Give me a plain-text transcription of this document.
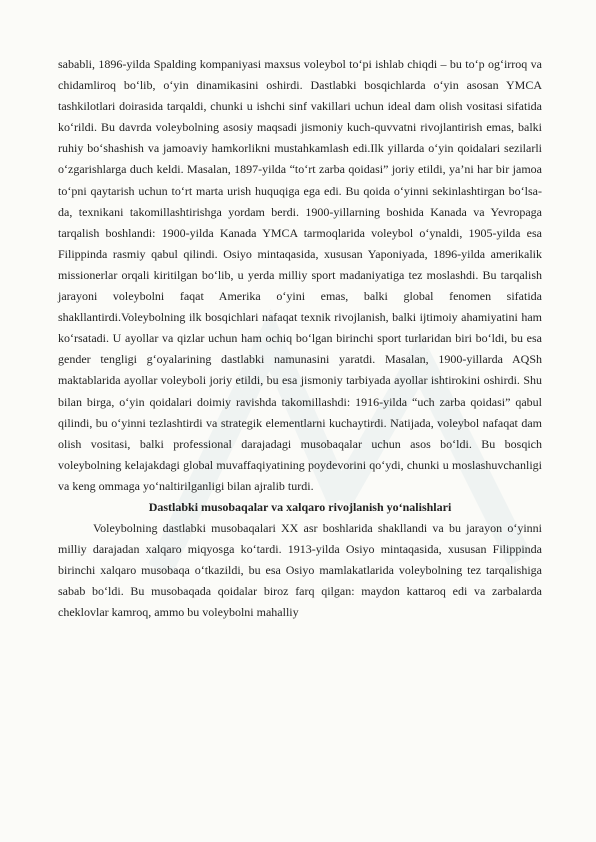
sababli, 1896-yilda Spalding kompaniyasi maxsus voleybol to‘pi ishlab chiqdi – bu to‘p og‘irroq va chidamliroq bo‘lib, o‘yin dinamikasini oshirdi. Dastlabki bosqichlarda o‘yin asosan YMCA tashkilotlari doirasida tarqaldi, chunki u ishchi sinf vakillari uchun ideal dam olish vositasi sifatida ko‘rildi. Bu davrda voleybolning asosiy maqsadi jismoniy kuch-quvvatni rivojlantirish emas, balki ruhiy bo‘shashish va jamoaviy hamkorlikni mustahkamlash edi.Ilk yillarda o‘yin qoidalari sezilarli o‘zgarishlarga duch keldi. Masalan, 1897-yilda “to‘rt zarba qoidasi” joriy etildi, ya’ni har bir jamoa to‘pni qaytarish uchun to‘rt marta urish huquqiga ega edi. Bu qoida o‘yinni sekinlashtirgan bo‘lsa-da, texnikani takomillashtirishga yordam berdi. 1900-yillarning boshida Kanada va Yevropaga tarqalish boshlandi: 1900-yilda Kanada YMCA tarmoqlarida voleybol o‘ynaldi, 1905-yilda esa Filippinda rasmiy qabul qilindi. Osiyo mintaqasida, xususan Yaponiyada, 1896-yilda amerikalik missionerlar orqali kiritilgan bo‘lib, u yerda milliy sport madaniyatiga tez moslashdi. Bu tarqalish jarayoni voleybolni faqat Amerika o‘yini emas, balki global fenomen sifatida shakllantirdi.Voleybolning ilk bosqichlari nafaqat texnik rivojlanish, balki ijtimoiy ahamiyatini ham ko‘rsatadi. U ayollar va qizlar uchun ham ochiq bo‘lgan birinchi sport turlaridan biri bo‘ldi, bu esa gender tengligi g‘oyalarining dastlabki namunasini yaratdi. Masalan, 1900-yillarda AQSh maktablarida ayollar voleyboli joriy etildi, bu esa jismoniy tarbiyada ayollar ishtirokini oshirdi. Shu bilan birga, o‘yin qoidalari doimiy ravishda takomillashdi: 1916-yilda “uch zarba qoidasi” qabul qilindi, bu o‘yinni tezlashtirdi va strategik elementlarni kuchaytirdi. Natijada, voleybol nafaqat dam olish vositasi, balki professional darajadagi musobaqalar uchun asos bo‘ldi. Bu bosqich voleybolning kelajakdagi global muvaffaqiyatining poydevorini qo‘ydi, chunki u moslashuvchanligi va keng ommaga yo‘naltirilganligi bilan ajralib turdi.

Dastlabki musobaqalar va xalqaro rivojlanish yo‘nalishlari

Voleybolning dastlabki musobaqalari XX asr boshlarida shakllandi va bu jarayon o‘yinni milliy darajadan xalqaro miqyosga ko‘tardi. 1913-yilda Osiyo mintaqasida, xususan Filippinda birinchi xalqaro musobaqa o‘tkazildi, bu esa Osiyo mamlakatlarida voleybolning tez tarqalishiga sabab bo‘ldi. Bu musobaqada qoidalar biroz farq qilgan: maydon kattaroq edi va zarbalarda cheklovlar kamroq, ammo bu voleybolni mahalliy
